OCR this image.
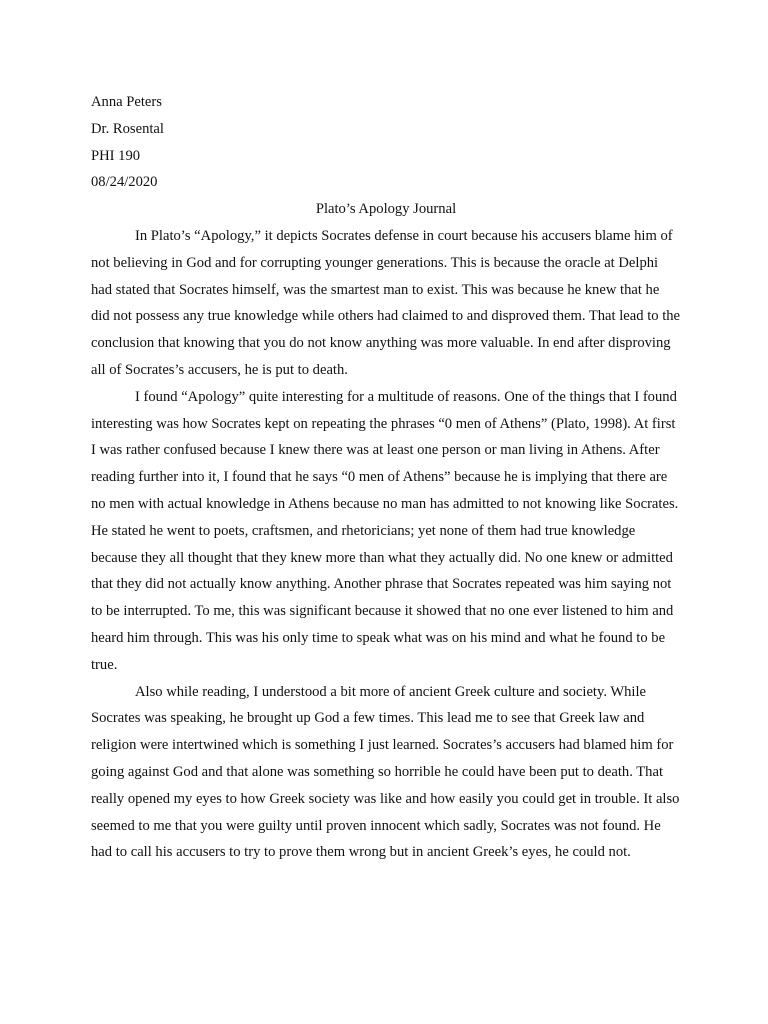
Anna Peters

Dr. Rosental

PHI 190

08/24/2020

Plato’s Apology Journal

In Plato’s “Apology,” it depicts Socrates defense in court because his accusers blame him of not believing in God and for corrupting younger generations. This is because the oracle at Delphi had stated that Socrates himself, was the smartest man to exist. This was because he knew that he did not possess any true knowledge while others had claimed to and disproved them. That lead to the conclusion that knowing that you do not know anything was more valuable. In end after disproving all of Socrates’s accusers, he is put to death.

I found “Apology” quite interesting for a multitude of reasons. One of the things that I found interesting was how Socrates kept on repeating the phrases “0 men of Athens” (Plato, 1998). At first I was rather confused because I knew there was at least one person or man living in Athens. After reading further into it, I found that he says “0 men of Athens” because he is implying that there are no men with actual knowledge in Athens because no man has admitted to not knowing like Socrates. He stated he went to poets, craftsmen, and rhetoricians; yet none of them had true knowledge because they all thought that they knew more than what they actually did. No one knew or admitted that they did not actually know anything. Another phrase that Socrates repeated was him saying not to be interrupted. To me, this was significant because it showed that no one ever listened to him and heard him through. This was his only time to speak what was on his mind and what he found to be true.

Also while reading, I understood a bit more of ancient Greek culture and society. While Socrates was speaking, he brought up God a few times. This lead me to see that Greek law and religion were intertwined which is something I just learned. Socrates’s accusers had blamed him for going against God and that alone was something so horrible he could have been put to death. That really opened my eyes to how Greek society was like and how easily you could get in trouble. It also seemed to me that you were guilty until proven innocent which sadly, Socrates was not found. He had to call his accusers to try to prove them wrong but in ancient Greek’s eyes, he could not.
